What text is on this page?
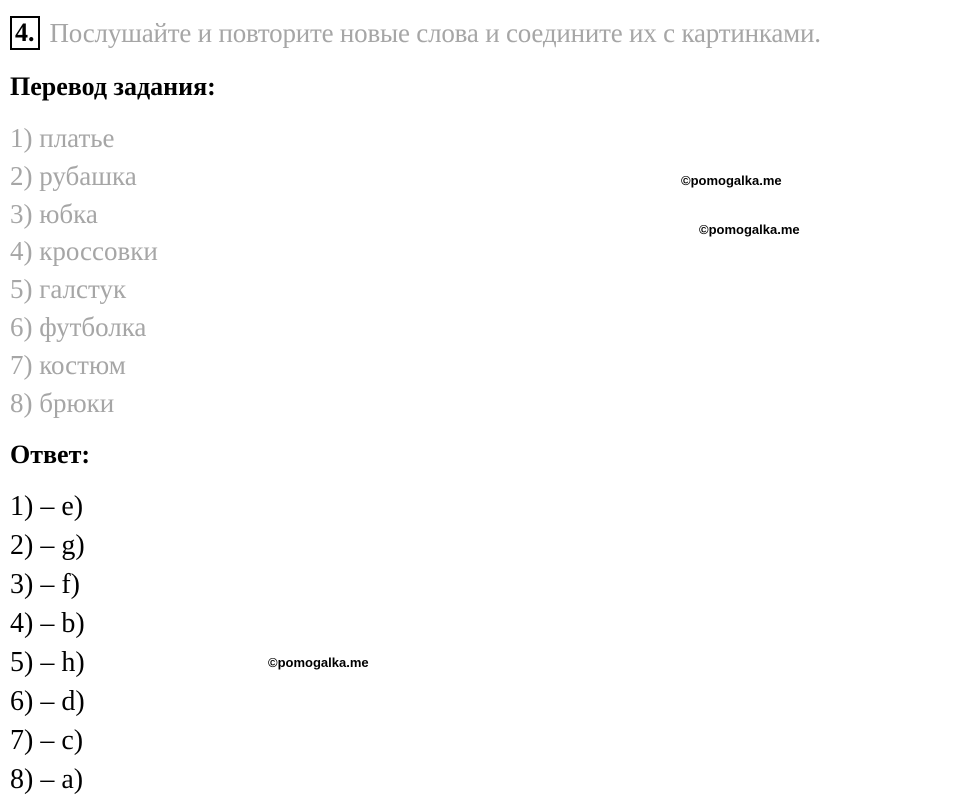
4. Послушайте и повторите новые слова и соедините их с картинками.
Перевод задания:
1) платье
2) рубашка
3) юбка
4) кроссовки
5) галстук
6) футболка
7) костюм
8) брюки
Ответ:
1) – e)
2) – g)
3) – f)
4) – b)
5) – h)
6) – d)
7) – c)
8) – a)
©pomogalka.me
©pomogalka.me
©pomogalka.me
